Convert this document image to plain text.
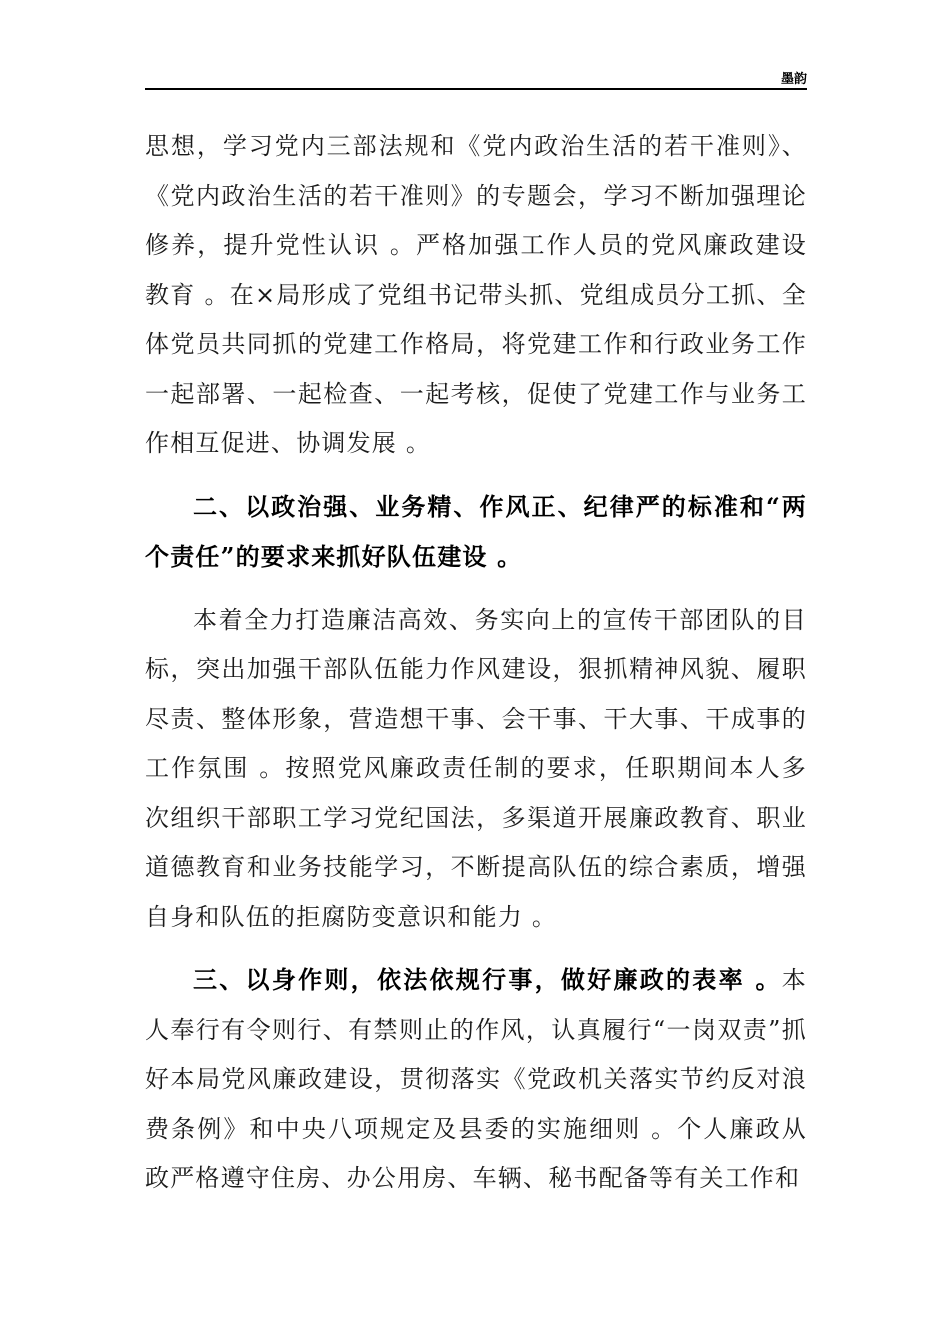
墨韵

思想，学习党内三部法规和《党内政治生活的若干准则》、《党内政治生活的若干准则》的专题会，学习不断加强理论修养，提升党性认识 。严格加强工作人员的党风廉政建设教育 。在×局形成了党组书记带头抓、党组成员分工抓、全体党员共同抓的党建工作格局，将党建工作和行政业务工作一起部署、一起检查、一起考核，促使了党建工作与业务工作相互促进、协调发展 。

二、以政治强、业务精、作风正、纪律严的标准和“两个责任”的要求来抓好队伍建设 。

本着全力打造廉洁高效、务实向上的宣传干部团队的目标，突出加强干部队伍能力作风建设，狠抓精神风貌、履职尽责、整体形象，营造想干事、会干事、干大事、干成事的工作氛围 。按照党风廉政责任制的要求，任职期间本人多次组织干部职工学习党纪国法，多渠道开展廉政教育、职业道德教育和业务技能学习，不断提高队伍的综合素质，增强自身和队伍的拒腐防变意识和能力 。

三、以身作则，依法依规行事，做好廉政的表率 。本人奉行有令则行、有禁则止的作风，认真履行“一岗双责”抓好本局党风廉政建设，贯彻落实《党政机关落实节约反对浪费条例》和中央八项规定及县委的实施细则 。个人廉政从政严格遵守住房、办公用房、车辆、秘书配备等有关工作和
